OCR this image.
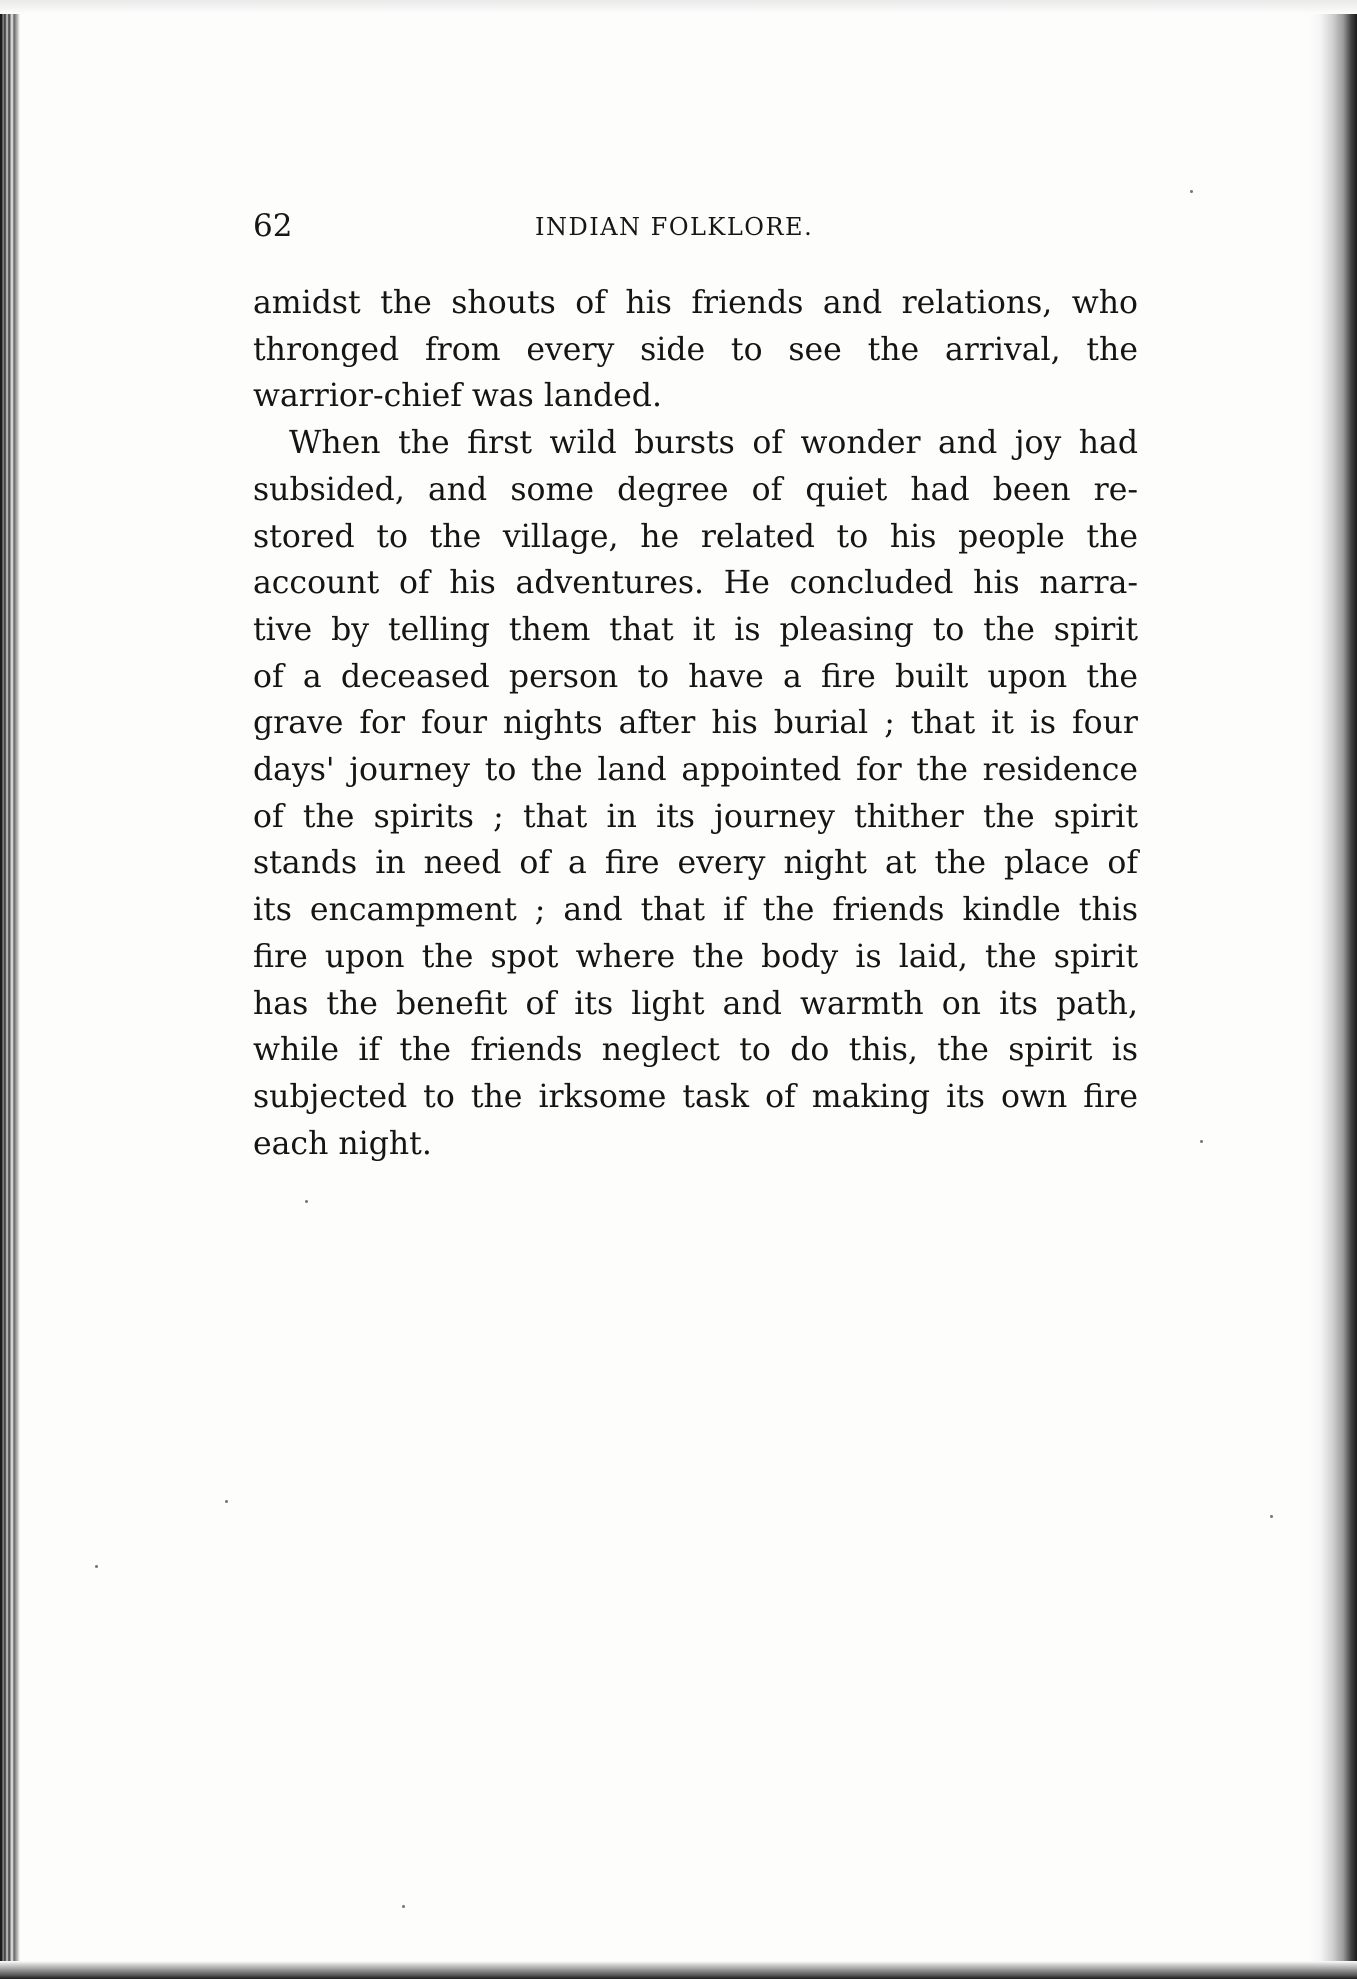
62	INDIAN FOLKLORE.

amidst the shouts of his friends and relations, who
thronged from every side to see the arrival, the
warrior-chief was landed.

When the first wild bursts of wonder and joy had
subsided, and some degree of quiet had been re-
stored to the village, he related to his people the
account of his adventures. He concluded his narra-
tive by telling them that it is pleasing to the spirit
of a deceased person to have a fire built upon the
grave for four nights after his burial ; that it is four
days' journey to the land appointed for the residence
of the spirits ; that in its journey thither the spirit
stands in need of a fire every night at the place of
its encampment ; and that if the friends kindle this
fire upon the spot where the body is laid, the spirit
has the benefit of its light and warmth on its path,
while if the friends neglect to do this, the spirit is
subjected to the irksome task of making its own fire
each night.
